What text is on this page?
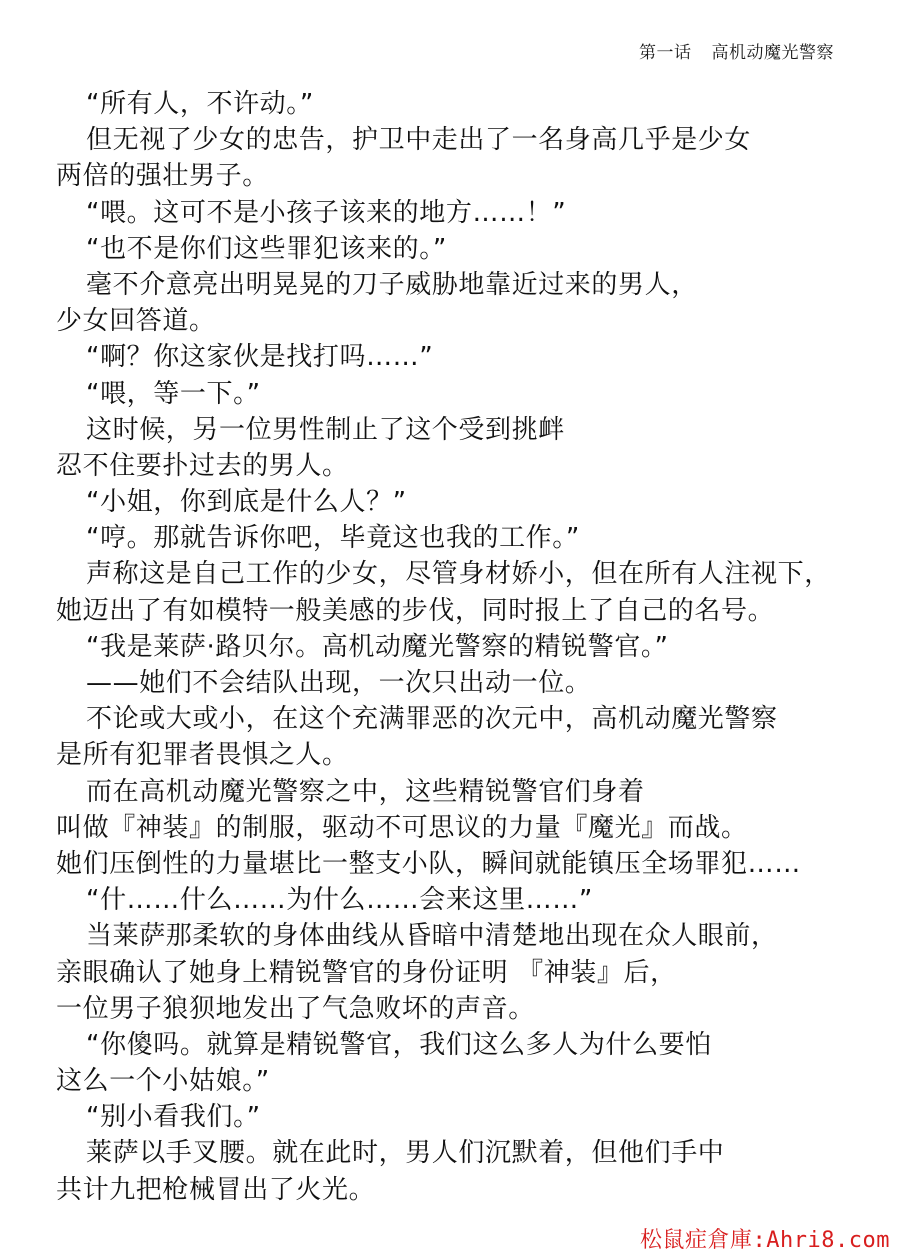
第一话 高机动魔光警察
“所有人，不许动。”
但无视了少女的忠告，护卫中走出了一名身高几乎是少女
两倍的强壮男子。
“喂。这可不是小孩子该来的地方……！”
“也不是你们这些罪犯该来的。”
毫不介意亮出明晃晃的刀子威胁地靠近过来的男人，
少女回答道。
“啊？你这家伙是找打吗……”
“喂，等一下。”
这时候，另一位男性制止了这个受到挑衅
忍不住要扑过去的男人。
“小姐，你到底是什么人？”
“哼。那就告诉你吧，毕竟这也我的工作。”
声称这是自己工作的少女，尽管身材娇小，但在所有人注视下，
她迈出了有如模特一般美感的步伐，同时报上了自己的名号。
“我是莱萨·路贝尔。高机动魔光警察的精锐警官。”
——她们不会结队出现，一次只出动一位。
不论或大或小，在这个充满罪恶的次元中，高机动魔光警察
是所有犯罪者畏惧之人。
而在高机动魔光警察之中，这些精锐警官们身着
叫做『神装』的制服，驱动不可思议的力量『魔光』而战。
她们压倒性的力量堪比一整支小队，瞬间就能镇压全场罪犯……
“什……什么……为什么……会来这里……”
当莱萨那柔软的身体曲线从昏暗中清楚地出现在众人眼前，
亲眼确认了她身上精锐警官的身份证明 『神装』后，
一位男子狼狈地发出了气急败坏的声音。
“你傻吗。就算是精锐警官，我们这么多人为什么要怕
这么一个小姑娘。”
“别小看我们。”
莱萨以手叉腰。就在此时，男人们沉默着，但他们手中
共计九把枪械冒出了火光。
松鼠症倉庫:Ahri8.com
